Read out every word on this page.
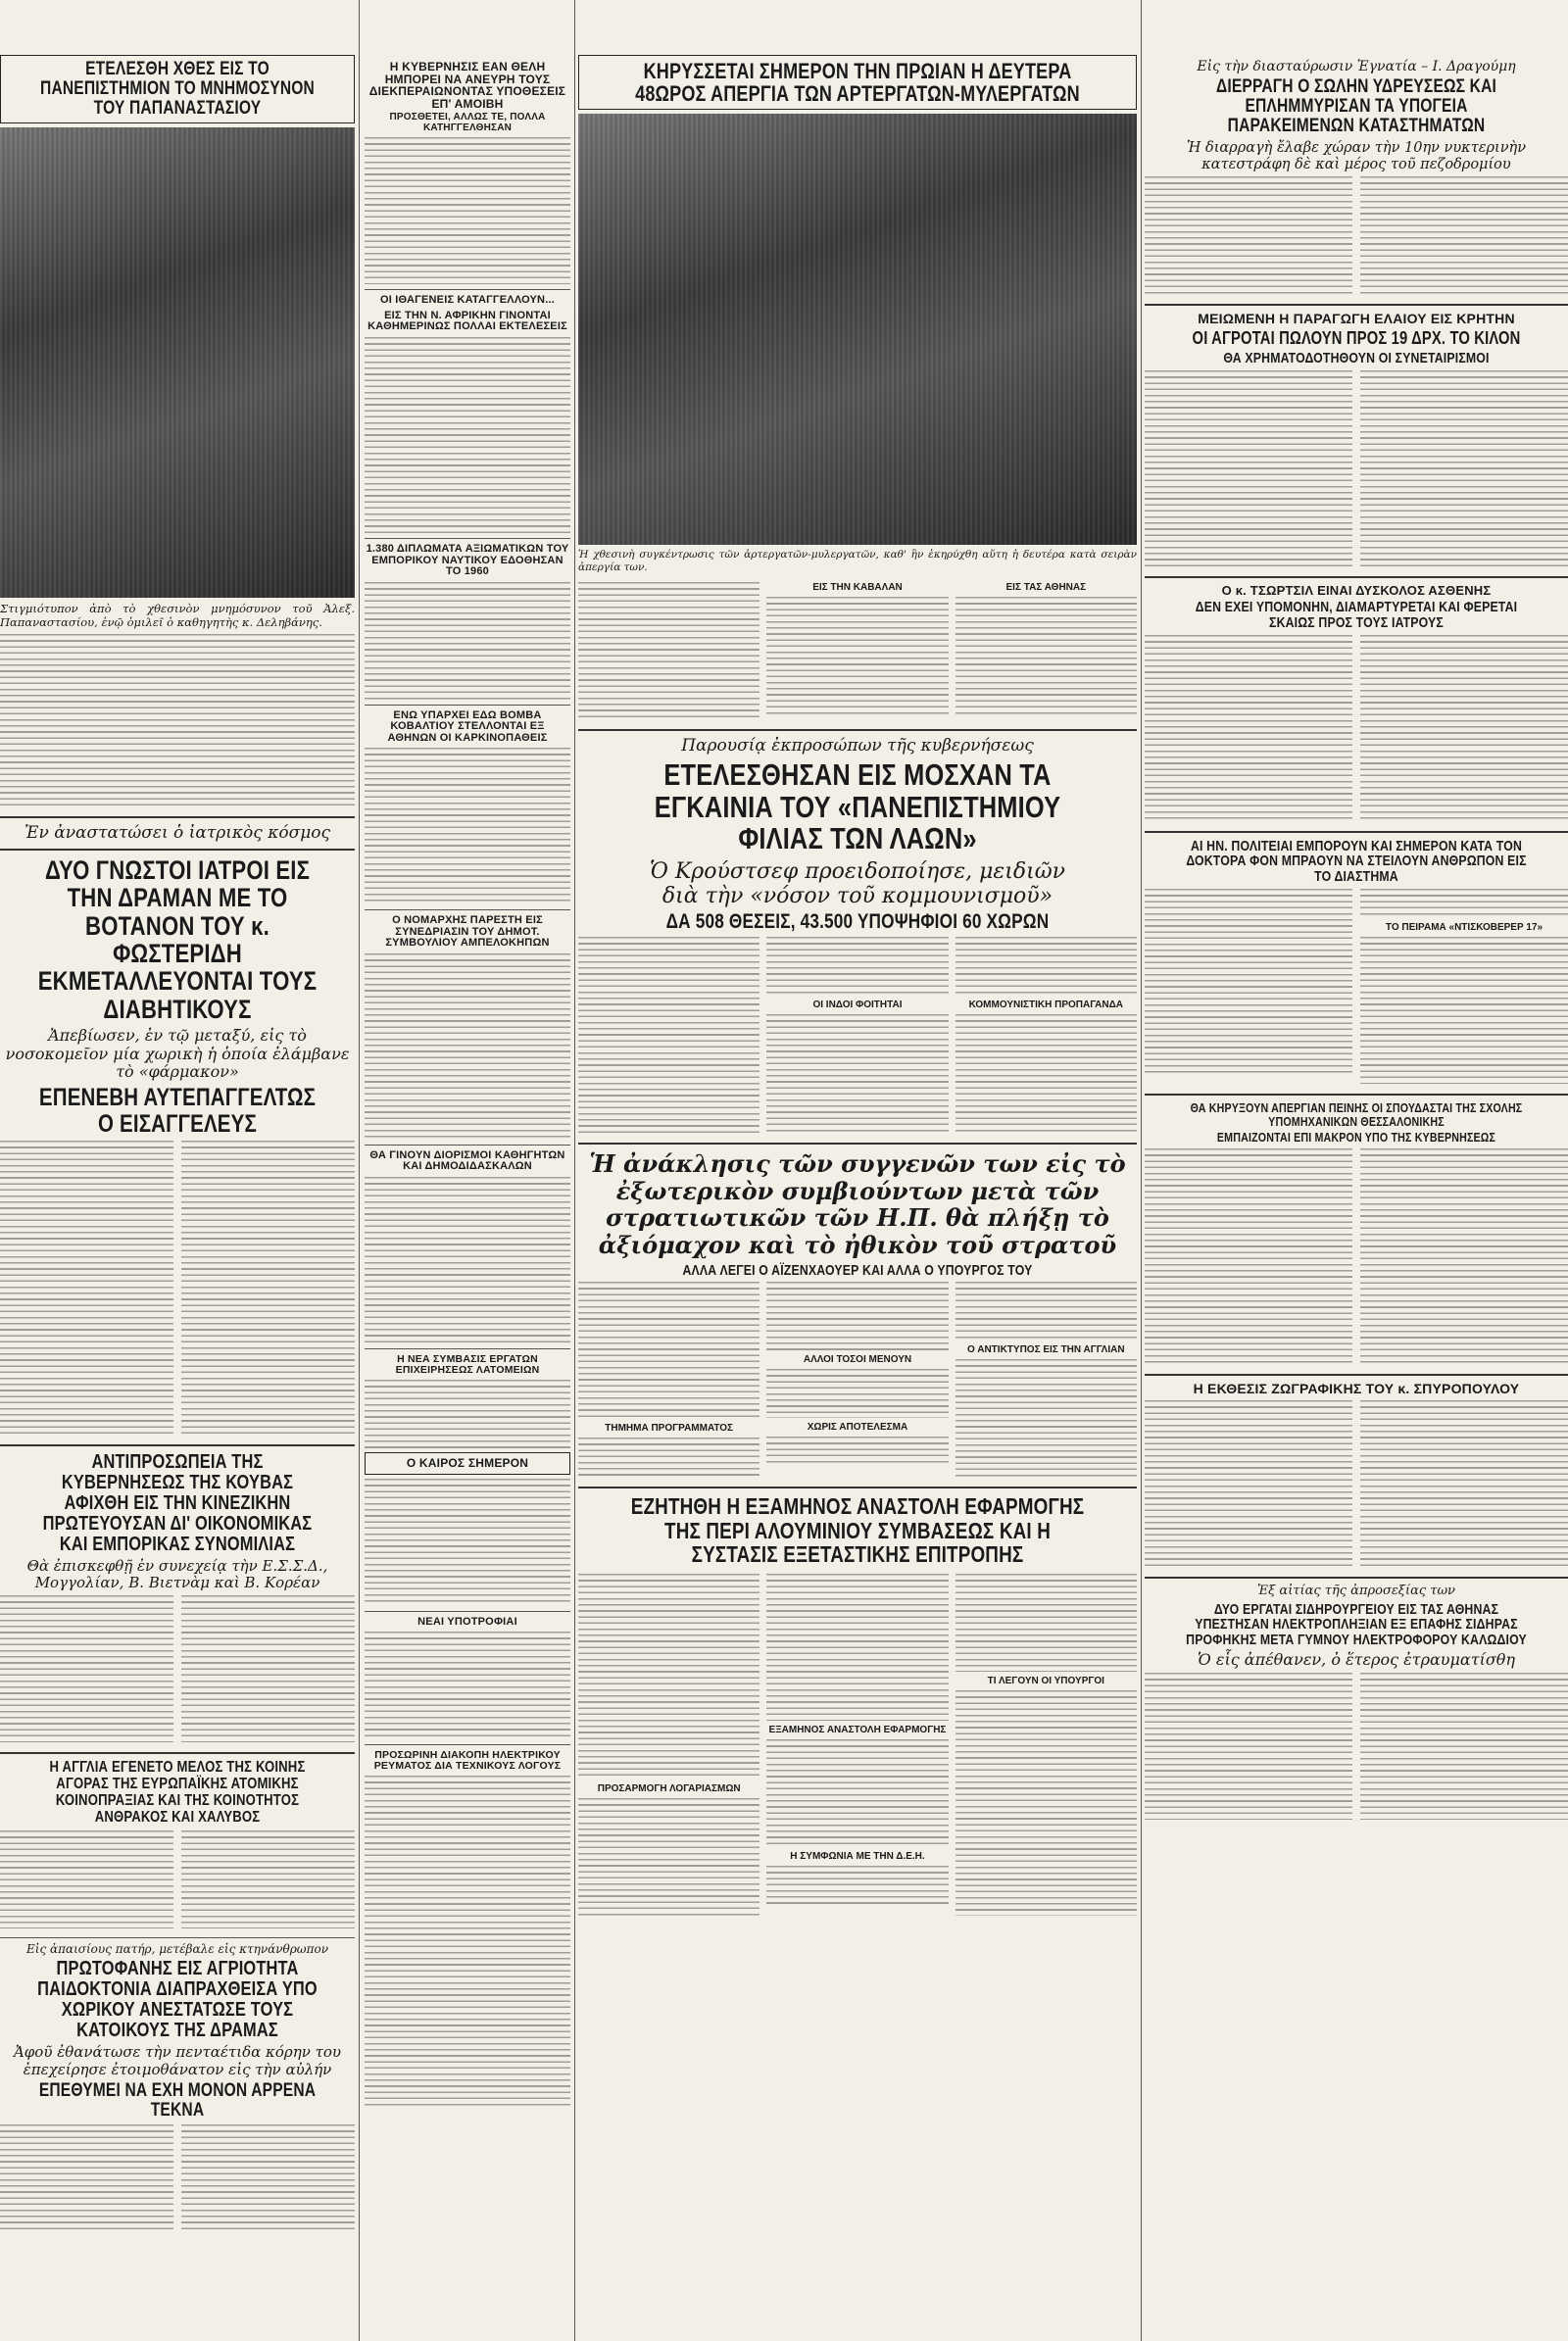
ΕΤΕΛΕΣΘΗ ΧΘΕΣ ΕΙΣ ΤΟ ΠΑΝΕΠΙΣΤΗΜΙΟΝ ΤΟ ΜΝΗΜΟΣΥΝΟΝ ΤΟΥ ΠΑΠΑΝΑΣΤΑΣΙΟΥ

Στιγμιότυπον ἀπὸ τὸ χθεσινὸν μνημόσυνον τοῦ Ἀλεξ. Παπαναστασίου, ἐνῷ ὁμιλεῖ ὁ καθηγητὴς κ. Δεληβάνης.

Ἐν ἀναστατώσει ὁ ἰατρικὸς κόσμος

ΔΥΟ ΓΝΩΣΤΟΙ ΙΑΤΡΟΙ ΕΙΣ ΤΗΝ ΔΡΑΜΑΝ ΜΕ ΤΟ ΒΟΤΑΝΟΝ ΤΟΥ κ. ΦΩΣΤΕΡΙΔΗ ΕΚΜΕΤΑΛΛΕΥΟΝΤΑΙ ΤΟΥΣ ΔΙΑΒΗΤΙΚΟΥΣ

Ἀπεβίωσεν, ἐν τῷ μεταξύ, εἰς τὸ νοσοκομεῖον μία χωρικὴ ἡ ὁποία ἐλάμβανε τὸ «φάρμακον»

ΕΠΕΝΕΒΗ ΑΥΤΕΠΑΓΓΕΛΤΩΣ Ο ΕΙΣΑΓΓΕΛΕΥΣ

ΑΝΤΙΠΡΟΣΩΠΕΙΑ ΤΗΣ ΚΥΒΕΡΝΗΣΕΩΣ ΤΗΣ ΚΟΥΒΑΣ ΑΦΙΧΘΗ ΕΙΣ ΤΗΝ ΚΙΝΕΖΙΚΗΝ ΠΡΩΤΕΥΟΥΣΑΝ ΔΙ' ΟΙΚΟΝΟΜΙΚΑΣ ΚΑΙ ΕΜΠΟΡΙΚΑΣ ΣΥΝΟΜΙΛΙΑΣ

Θὰ ἐπισκεφθῇ ἐν συνεχείᾳ τὴν Ε.Σ.Σ.Δ., Μογγολίαν, Β. Βιετνὰμ καὶ Β. Κορέαν

Η ΑΓΓΛΙΑ ΕΓΕΝΕΤΟ ΜΕΛΟΣ ΤΗΣ ΚΟΙΝΗΣ ΑΓΟΡΑΣ ΤΗΣ ΕΥΡΩΠΑΪΚΗΣ ΑΤΟΜΙΚΗΣ ΚΟΙΝΟΠΡΑΞΙΑΣ ΚΑΙ ΤΗΣ ΚΟΙΝΟΤΗΤΟΣ ΑΝΘΡΑΚΟΣ ΚΑΙ ΧΑΛΥΒΟΣ

Εἰς ἀπαισίους πατήρ, μετέβαλε εἰς κτηνάνθρωπον

ΠΡΩΤΟΦΑΝΗΣ ΕΙΣ ΑΓΡΙΟΤΗΤΑ ΠΑΙΔΟΚΤΟΝΙΑ ΔΙΑΠΡΑΧΘΕΙΣΑ ΥΠΟ ΧΩΡΙΚΟΥ ΑΝΕΣΤΑΤΩΣΕ ΤΟΥΣ ΚΑΤΟΙΚΟΥΣ ΤΗΣ ΔΡΑΜΑΣ

Ἀφοῦ ἐθανάτωσε τὴν πενταέτιδα κόρην του ἐπεχείρησε ἐτοιμοθάνατον εἰς τὴν αὐλήν

ΕΠΕΘΥΜΕΙ ΝΑ ΕΧΗ ΜΟΝΟΝ ΑΡΡΕΝΑ ΤΕΚΝΑ

Η ΚΥΒΕΡΝΗΣΙΣ ΕΑΝ ΘΕΛΗ ΗΜΠΟΡΕΙ ΝΑ ΑΝΕΥΡΗ ΤΟΥΣ ΔΙΕΚΠΕΡΑΙΩΝΟΝΤΑΣ ΥΠΟΘΕΣΕΙΣ ΕΠ' ΑΜΟΙΒΗ

ΠΡΟΣΘΕΤΕΙ, ΑΛΛΩΣ ΤΕ, ΠΟΛΛΑ ΚΑΤΗΓΓΕΛΘΗΣΑΝ

ΟΙ ΙΘΑΓΕΝΕΙΣ ΚΑΤΑΓΓΕΛΛΟΥΝ...

ΕΙΣ ΤΗΝ Ν. ΑΦΡΙΚΗΝ ΓΙΝΟΝΤΑΙ ΚΑΘΗΜΕΡΙΝΩΣ ΠΟΛΛΑΙ ΕΚΤΕΛΕΣΕΙΣ

1.380 ΔΙΠΛΩΜΑΤΑ ΑΞΙΩΜΑΤΙΚΩΝ ΤΟΥ ΕΜΠΟΡΙΚΟΥ ΝΑΥΤΙΚΟΥ ΕΔΟΘΗΣΑΝ ΤΟ 1960

ΕΝΩ ΥΠΑΡΧΕΙ ΕΔΩ ΒΟΜΒΑ ΚΟΒΑΛΤΙΟΥ ΣΤΕΛΛΟΝΤΑΙ ΕΞ ΑΘΗΝΩΝ ΟΙ ΚΑΡΚΙΝΟΠΑΘΕΙΣ

Ο ΝΟΜΑΡΧΗΣ ΠΑΡΕΣΤΗ ΕΙΣ ΣΥΝΕΔΡΙΑΣΙΝ ΤΟΥ ΔΗΜΟΤ. ΣΥΜΒΟΥΛΙΟΥ ΑΜΠΕΛΟΚΗΠΩΝ

ΘΑ ΓΙΝΟΥΝ ΔΙΟΡΙΣΜΟΙ ΚΑΘΗΓΗΤΩΝ ΚΑΙ ΔΗΜΟΔΙΔΑΣΚΑΛΩΝ

Η ΝΕΑ ΣΥΜΒΑΣΙΣ ΕΡΓΑΤΩΝ ΕΠΙΧΕΙΡΗΣΕΩΣ ΛΑΤΟΜΕΙΩΝ

Ο ΚΑΙΡΟΣ ΣΗΜΕΡΟΝ

ΝΕΑΙ ΥΠΟΤΡΟΦΙΑΙ

ΠΡΟΣΩΡΙΝΗ ΔΙΑΚΟΠΗ ΗΛΕΚΤΡΙΚΟΥ ΡΕΥΜΑΤΟΣ ΔΙΑ ΤΕΧΝΙΚΟΥΣ ΛΟΓΟΥΣ

ΚΗΡΥΣΣΕΤΑΙ ΣΗΜΕΡΟΝ ΤΗΝ ΠΡΩΙΑΝ Η ΔΕΥΤΕΡΑ 48ΩΡΟΣ ΑΠΕΡΓΙΑ ΤΩΝ ΑΡΤΕΡΓΑΤΩΝ-ΜΥΛΕΡΓΑΤΩΝ

Ἡ χθεσινὴ συγκέντρωσις τῶν ἀρτεργατῶν-μυλεργατῶν, καθ' ἣν ἐκηρύχθη αὕτη ἡ δευτέρα κατὰ σειρὰν ἀπεργία των.

ΕΙΣ ΤΗΝ ΚΑΒΑΛΑΝ	ΕΙΣ ΤΑΣ ΑΘΗΝΑΣ

Παρουσίᾳ ἐκπροσώπων τῆς κυβερνήσεως

ΕΤΕΛΕΣΘΗΣΑΝ ΕΙΣ ΜΟΣΧΑΝ ΤΑ ΕΓΚΑΙΝΙΑ ΤΟΥ «ΠΑΝΕΠΙΣΤΗΜΙΟΥ ΦΙΛΙΑΣ ΤΩΝ ΛΑΩΝ»

Ὁ Κρούστσεφ προειδοποίησε, μειδιῶν

διὰ τὴν «νόσον τοῦ κομμουνισμοῦ»

ΔΑ 508 ΘΕΣΕΙΣ, 43.500 ΥΠΟΨΗΦΙΟΙ 60 ΧΩΡΩΝ

ΟΙ ΙΝΔΟΙ ΦΟΙΤΗΤΑΙ	ΚΟΜΜΟΥΝΙΣΤΙΚΗ ΠΡΟΠΑΓΑΝΔΑ

Ἡ ἀνάκλησις τῶν συγγενῶν των εἰς τὸ ἐξωτερικὸν συμβιούντων μετὰ τῶν στρατιωτικῶν τῶν Η.Π. θὰ πλήξῃ τὸ ἀξιόμαχον καὶ τὸ ἠθικὸν τοῦ στρατοῦ

ΑΛΛΑ ΛΕΓΕΙ Ο ΑΪΖΕΝΧΑΟΥΕΡ ΚΑΙ ΑΛΛΑ Ο ΥΠΟΥΡΓΟΣ ΤΟΥ

ΤΗΜΗΜΑ ΠΡΟΓΡΑΜΜΑΤΟΣ

ΑΛΛΟΙ ΤΟΣΟΙ ΜΕΝΟΥΝ

ΧΩΡΙΣ ΑΠΟΤΕΛΕΣΜΑ

Ο ΑΝΤΙΚΤΥΠΟΣ ΕΙΣ ΤΗΝ ΑΓΓΛΙΑΝ

ΕΖΗΤΗΘΗ Η ΕΞΑΜΗΝΟΣ ΑΝΑΣΤΟΛΗ ΕΦΑΡΜΟΓΗΣ ΤΗΣ ΠΕΡΙ ΑΛΟΥΜΙΝΙΟΥ ΣΥΜΒΑΣΕΩΣ ΚΑΙ Η ΣΥΣΤΑΣΙΣ ΕΞΕΤΑΣΤΙΚΗΣ ΕΠΙΤΡΟΠΗΣ

ΠΡΟΣΑΡΜΟΓΗ ΛΟΓΑΡΙΑΣΜΩΝ

ΕΞΑΜΗΝΟΣ ΑΝΑΣΤΟΛΗ ΕΦΑΡΜΟΓΗΣ

Η ΣΥΜΦΩΝΙΑ ΜΕ ΤΗΝ Δ.Ε.Η.

ΤΙ ΛΕΓΟΥΝ ΟΙ ΥΠΟΥΡΓΟΙ

Εἰς τὴν διασταύρωσιν Ἐγνατία – Ι. Δραγούμη

ΔΙΕΡΡΑΓΗ Ο ΣΩΛΗΝ ΥΔΡΕΥΣΕΩΣ ΚΑΙ ΕΠΛΗΜΜΥΡΙΣΑΝ ΤΑ ΥΠΟΓΕΙΑ ΠΑΡΑΚΕΙΜΕΝΩΝ ΚΑΤΑΣΤΗΜΑΤΩΝ

Ἡ διαρραγὴ ἔλαβε χώραν τὴν 10ην νυκτερινὴν κατεστράφη δὲ καὶ μέρος τοῦ πεζοδρομίου

ΜΕΙΩΜΕΝΗ Η ΠΑΡΑΓΩΓΗ ΕΛΑΙΟΥ ΕΙΣ ΚΡΗΤΗΝ

ΟΙ ΑΓΡΟΤΑΙ ΠΩΛΟΥΝ ΠΡΟΣ 19 ΔΡΧ. ΤΟ ΚΙΛΟΝ

ΘΑ ΧΡΗΜΑΤΟΔΟΤΗΘΟΥΝ ΟΙ ΣΥΝΕΤΑΙΡΙΣΜΟΙ

Ο κ. ΤΣΩΡΤΣΙΛ ΕΙΝΑΙ ΔΥΣΚΟΛΟΣ ΑΣΘΕΝΗΣ

ΔΕΝ ΕΧΕΙ ΥΠΟΜΟΝΗΝ, ΔΙΑΜΑΡΤΥΡΕΤΑΙ ΚΑΙ ΦΕΡΕΤΑΙ ΣΚΑΙΩΣ ΠΡΟΣ ΤΟΥΣ ΙΑΤΡΟΥΣ

ΑΙ ΗΝ. ΠΟΛΙΤΕΙΑΙ ΕΜΠΟΡΟΥΝ ΚΑΙ ΣΗΜΕΡΟΝ ΚΑΤΑ ΤΟΝ ΔΟΚΤΟΡΑ ΦΟΝ ΜΠΡΑΟΥΝ ΝΑ ΣΤΕΙΛΟΥΝ ΑΝΘΡΩΠΟΝ ΕΙΣ ΤΟ ΔΙΑΣΤΗΜΑ

ΤΟ ΠΕΙΡΑΜΑ «ΝΤΙΣΚΟΒΕΡΕΡ 17»

ΘΑ ΚΗΡΥΞΟΥΝ ΑΠΕΡΓΙΑΝ ΠΕΙΝΗΣ ΟΙ ΣΠΟΥΔΑΣΤΑΙ ΤΗΣ ΣΧΟΛΗΣ ΥΠΟΜΗΧΑΝΙΚΩΝ ΘΕΣΣΑΛΟΝΙΚΗΣ

ΕΜΠΑΙΖΟΝΤΑΙ ΕΠΙ ΜΑΚΡΟΝ ΥΠΟ ΤΗΣ ΚΥΒΕΡΝΗΣΕΩΣ

Η ΕΚΘΕΣΙΣ ΖΩΓΡΑΦΙΚΗΣ ΤΟΥ κ. ΣΠΥΡΟΠΟΥΛΟΥ

Ἐξ αἰτίας τῆς ἀπροσεξίας των

ΔΥΟ ΕΡΓΑΤΑΙ ΣΙΔΗΡΟΥΡΓΕΙΟΥ ΕΙΣ ΤΑΣ ΑΘΗΝΑΣ ΥΠΕΣΤΗΣΑΝ ΗΛΕΚΤΡΟΠΛΗΞΙΑΝ ΕΞ ΕΠΑΦΗΣ ΣΙΔΗΡΑΣ ΠΡΟΦΗΚΗΣ ΜΕΤΑ ΓΥΜΝΟΥ ΗΛΕΚΤΡΟΦΟΡΟΥ ΚΑΛΩΔΙΟΥ

Ὁ εἷς ἀπέθανεν, ὁ ἕτερος ἐτραυματίσθη
